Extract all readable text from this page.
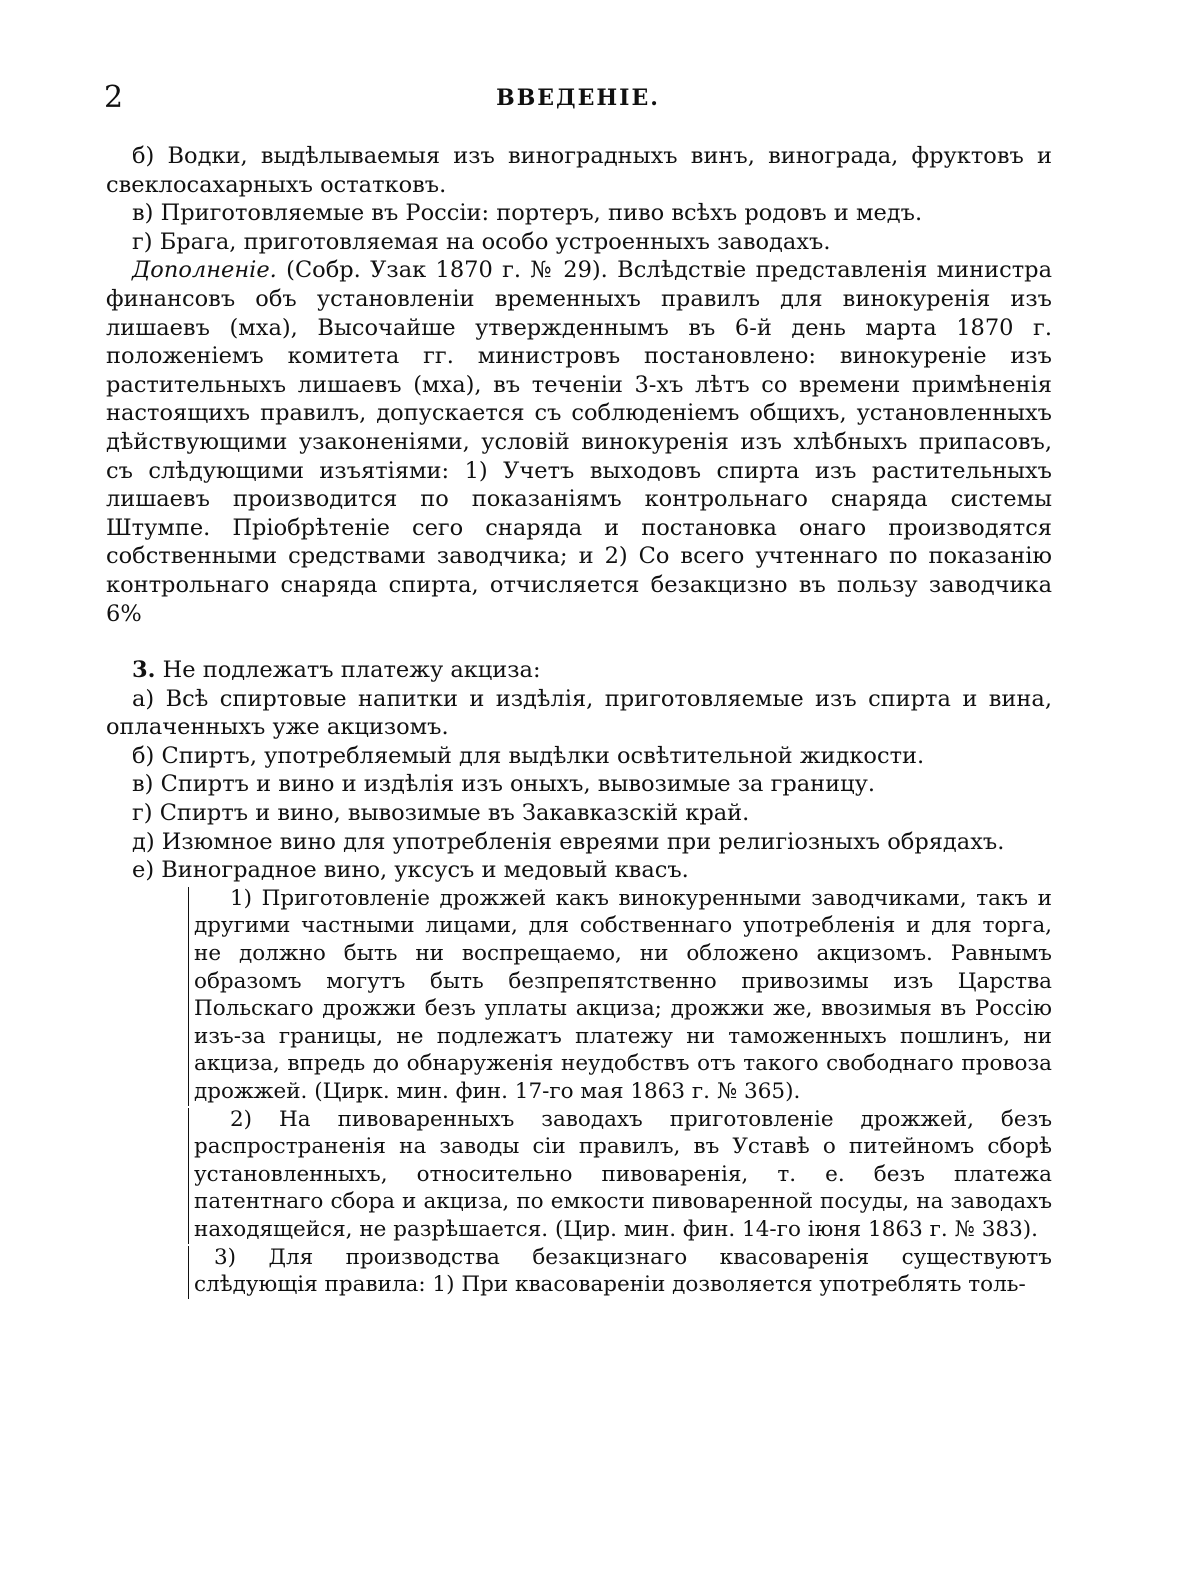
2	ВВЕДЕНІЕ.

б) Водки, выдѣлываемыя изъ виноградныхъ винъ, винограда, фруктовъ и свеклосахарныхъ остатковъ.

в) Приготовляемые въ Россіи: портеръ, пиво всѣхъ родовъ и медъ.

г) Брага, приготовляемая на особо устроенныхъ заводахъ.

Дополненіе. (Собр. Узак 1870 г. № 29). Вслѣдствіе представленія министра финансовъ объ установленіи временныхъ правилъ для винокуренія изъ лишаевъ (мха), Высочайше утвержденнымъ въ 6-й день марта 1870 г. положеніемъ комитета гг. министровъ постановлено: винокуреніе изъ растительныхъ лишаевъ (мха), въ теченіи 3-хъ лѣтъ со времени примѣненія настоящихъ правилъ, допускается съ соблюденіемъ общихъ, установленныхъ дѣйствующими узаконеніями, условій винокуренія изъ хлѣбныхъ припасовъ, съ слѣдующими изъятіями: 1) Учетъ выходовъ спирта изъ растительныхъ лишаевъ производится по показаніямъ контрольнаго снаряда системы Штумпе. Пріобрѣтеніе сего снаряда и постановка онаго производятся собственными средствами заводчика; и 2) Со всего учтеннаго по показанію контрольнаго снаряда спирта, отчисляется безакцизно въ пользу заводчика 6%

3. Не подлежатъ платежу акциза:

а) Всѣ спиртовые напитки и издѣлія, приготовляемые изъ спирта и вина, оплаченныхъ уже акцизомъ.

б) Спиртъ, употребляемый для выдѣлки освѣтительной жидкости.

в) Спиртъ и вино и издѣлія изъ оныхъ, вывозимые за границу.

г) Спиртъ и вино, вывозимые въ Закавказскій край.

д) Изюмное вино для употребленія евреями при религіозныхъ обрядахъ.

е) Виноградное вино, уксусъ и медовый квасъ.

1) Приготовленіе дрожжей какъ винокуренными заводчиками, такъ и другими частными лицами, для собственнаго употребленія и для торга, не должно быть ни воспрещаемо, ни обложено акцизомъ. Равнымъ образомъ могутъ быть безпрепятственно привозимы изъ Царства Польскаго дрожжи безъ уплаты акциза; дрожжи же, ввозимыя въ Россію изъ-за границы, не подлежатъ платежу ни таможенныхъ пошлинъ, ни акциза, впредь до обнаруженія неудобствъ отъ такого свободнаго провоза дрожжей. (Цирк. мин. фин. 17-го мая 1863 г. № 365).

2) На пивоваренныхъ заводахъ приготовленіе дрожжей, безъ распространенія на заводы сіи правилъ, въ Уставѣ о питейномъ сборѣ установленныхъ, относительно пивоваренія, т. е. безъ платежа патентнаго сбора и акциза, по емкости пивоваренной посуды, на заводахъ находящейся, не разрѣшается. (Цир. мин. фин. 14-го іюня 1863 г. № 383).

3) Для производства безакцизнаго квасоваренія существуютъ слѣдующія правила: 1) При квасовареніи дозволяется употреблять толь-
